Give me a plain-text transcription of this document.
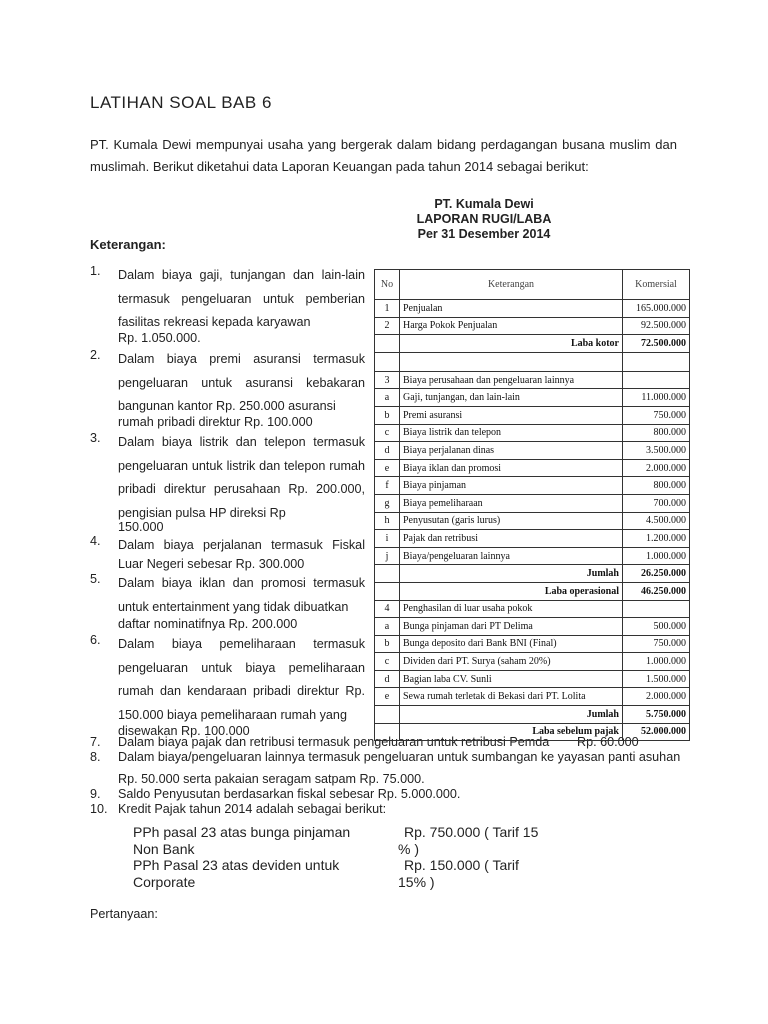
LATIHAN SOAL BAB 6
PT. Kumala Dewi mempunyai usaha yang bergerak dalam bidang perdagangan busana muslim dan muslimah. Berikut diketahui data Laporan Keuangan pada tahun 2014 sebagai berikut:
PT. Kumala Dewi
LAPORAN RUGI/LABA
Per 31 Desember 2014
Keterangan:
1. Dalam biaya gaji, tunjangan dan lain-lain termasuk pengeluaran untuk pemberian fasilitas rekreasi kepada karyawan
Rp. 1.050.000.
2. Dalam biaya premi asuransi termasuk pengeluaran untuk asuransi kebakaran bangunan kantor Rp. 250.000 asuransi
rumah pribadi direktur Rp. 100.000
3. Dalam biaya listrik dan telepon termasuk pengeluaran untuk listrik dan telepon rumah pribadi direktur perusahaan Rp. 200.000, pengisian pulsa HP direksi Rp
150.000
4. Dalam biaya perjalanan termasuk Fiskal
Luar Negeri sebesar Rp. 300.000
5. Dalam biaya iklan dan promosi termasuk untuk entertainment yang tidak dibuatkan
daftar nominatifnya Rp. 200.000
6. Dalam biaya pemeliharaan termasuk pengeluaran untuk biaya pemeliharaan rumah dan kendaraan pribadi direktur Rp. 150.000 biaya pemeliharaan rumah yang
disewakan Rp. 100.000
7. Dalam biaya pajak dan retribusi termasuk pengeluaran untuk retribusi Pemda Rp. 60.000
8. Dalam biaya/pengeluaran lainnya termasuk pengeluaran untuk sumbangan ke yayasan panti asuhan
Rp. 50.000 serta pakaian seragam satpam Rp. 75.000.
9. Saldo Penyusutan berdasarkan fiskal sebesar Rp. 5.000.000.
10. Kredit Pajak tahun 2014 adalah sebagai berikut:
PPh pasal 23 atas bunga pinjaman
Non Bank
Rp. 750.000 ( Tarif 15
% )
PPh Pasal 23 atas deviden untuk
Corporate
Rp. 150.000 ( Tarif
15% )
Pertanyaan:
No	Keterangan	Komersial
1	Penjualan	165.000.000
2	Harga Pokok Penjualan	92.500.000
	Laba kotor	72.500.000

3	Biaya perusahaan dan pengeluaran lainnya	
a	Gaji, tunjangan, dan lain-lain	11.000.000
b	Premi asuransi	750.000
c	Biaya listrik dan telepon	800.000
d	Biaya perjalanan dinas	3.500.000
e	Biaya iklan dan promosi	2.000.000
f	Biaya pinjaman	800.000
g	Biaya pemeliharaan	700.000
h	Penyusutan (garis lurus)	4.500.000
i	Pajak dan retribusi	1.200.000
j	Biaya/pengeluaran lainnya	1.000.000
	Jumlah	26.250.000
	Laba operasional	46.250.000
4	Penghasilan di luar usaha pokok	
a	Bunga pinjaman dari PT Delima	500.000
b	Bunga deposito dari Bank BNI (Final)	750.000
c	Dividen dari PT. Surya (saham 20%)	1.000.000
d	Bagian laba CV. Sunli	1.500.000
e	Sewa rumah terletak di Bekasi dari PT. Lolita	2.000.000
	Jumlah	5.750.000
	Laba sebelum pajak	52.000.000
